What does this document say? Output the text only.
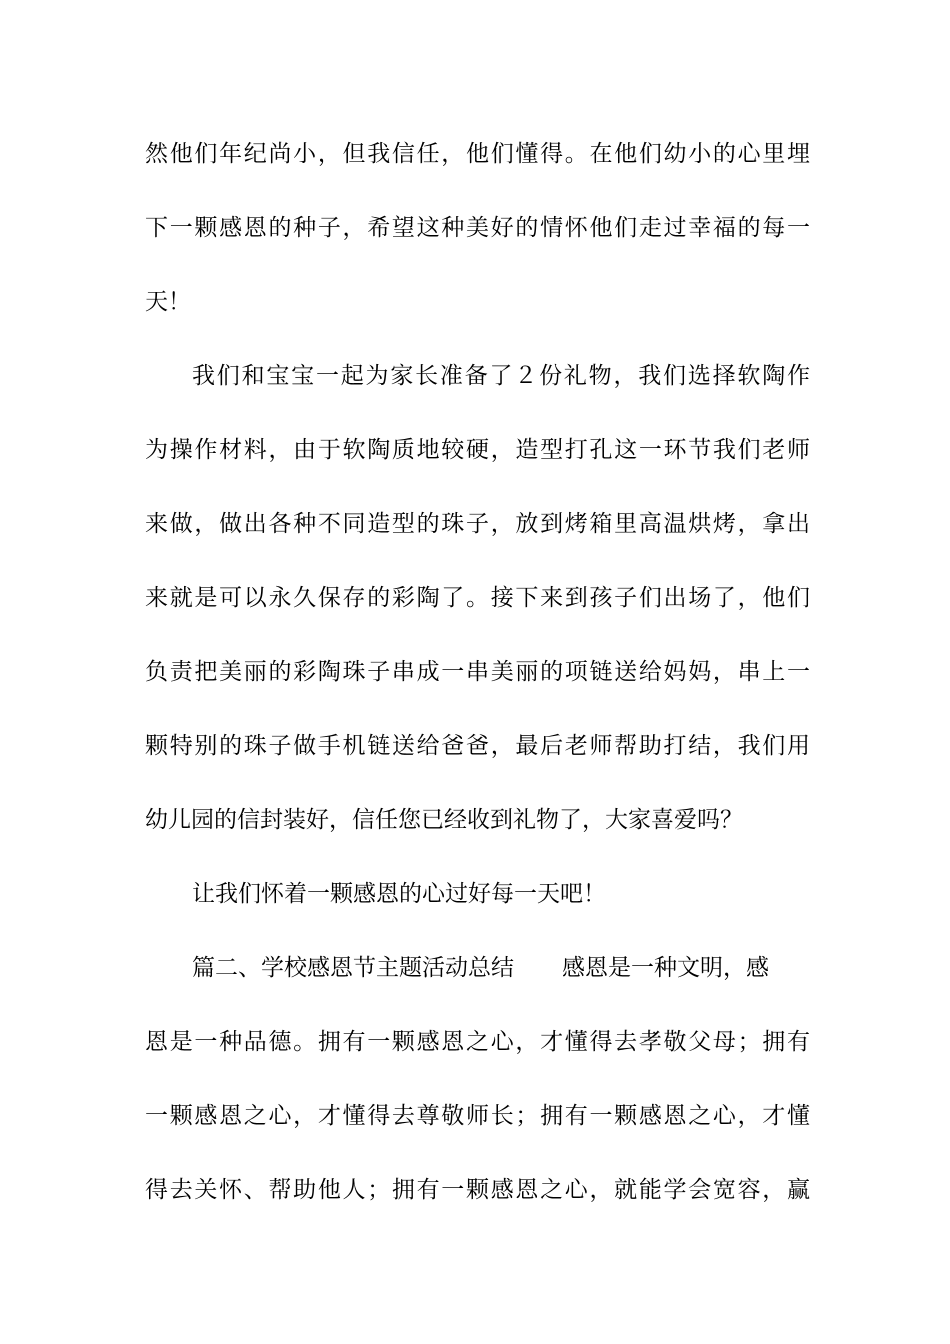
然他们年纪尚小，但我信任，他们懂得。在他们幼小的心里埋
下一颗感恩的种子，希望这种美好的情怀他们走过幸福的每一
天！
我们和宝宝一起为家长准备了２份礼物，我们选择软陶作
为操作材料，由于软陶质地较硬，造型打孔这一环节我们老师
来做，做出各种不同造型的珠子，放到烤箱里高温烘烤，拿出
来就是可以永久保存的彩陶了。接下来到孩子们出场了，他们
负责把美丽的彩陶珠子串成一串美丽的项链送给妈妈，串上一
颗特别的珠子做手机链送给爸爸，最后老师帮助打结，我们用
幼儿园的信封装好，信任您已经收到礼物了，大家喜爱吗？
让我们怀着一颗感恩的心过好每一天吧！
篇二、学校感恩节主题活动总结 感恩是一种文明，感
恩是一种品德。拥有一颗感恩之心，才懂得去孝敬父母；拥有
一颗感恩之心，才懂得去尊敬师长；拥有一颗感恩之心，才懂
得去关怀、帮助他人；拥有一颗感恩之心，就能学会宽容，赢
